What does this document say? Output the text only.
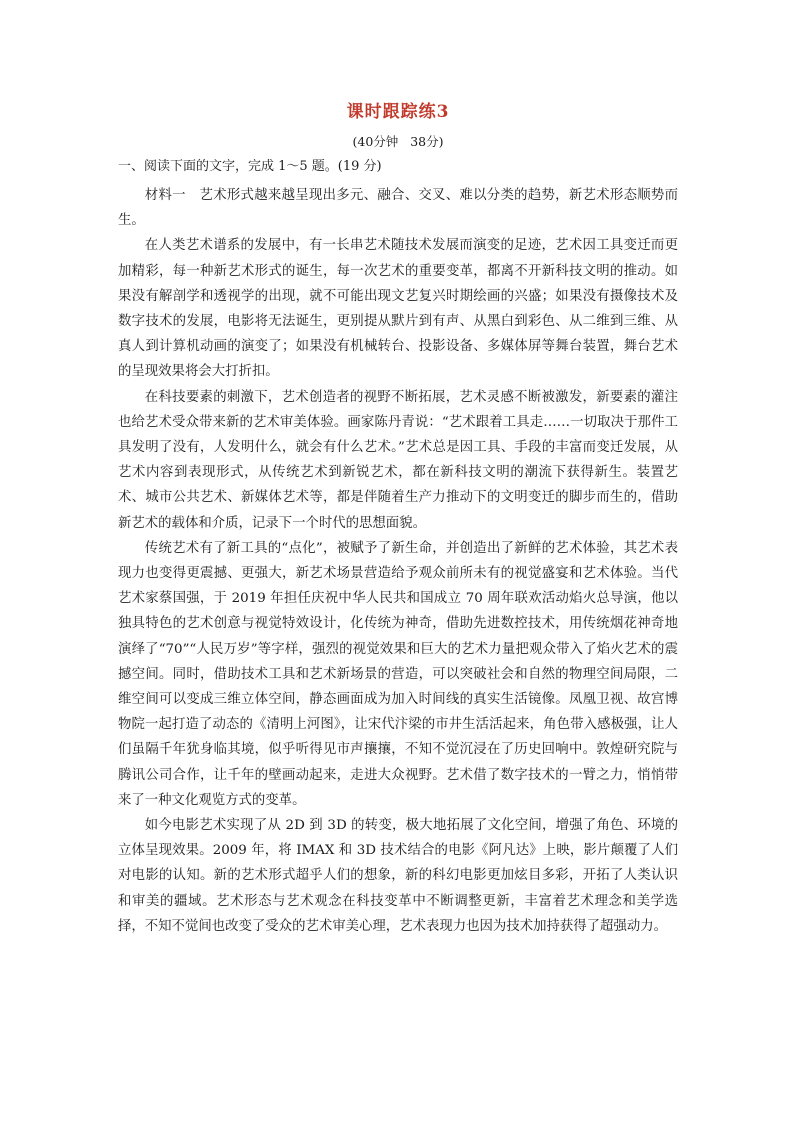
课时跟踪练3
(40分钟   38分)
一、阅读下面的文字，完成 1～5 题。(19 分)

材料一　艺术形式越来越呈现出多元、融合、交叉、难以分类的趋势，新艺术形态顺势而生。

在人类艺术谱系的发展中，有一长串艺术随技术发展而演变的足迹，艺术因工具变迁而更加精彩，每一种新艺术形式的诞生，每一次艺术的重要变革，都离不开新科技文明的推动。如果没有解剖学和透视学的出现，就不可能出现文艺复兴时期绘画的兴盛；如果没有摄像技术及数字技术的发展，电影将无法诞生，更别提从默片到有声、从黑白到彩色、从二维到三维、从真人到计算机动画的演变了；如果没有机械转台、投影设备、多媒体屏等舞台装置，舞台艺术的呈现效果将会大打折扣。

在科技要素的刺激下，艺术创造者的视野不断拓展，艺术灵感不断被激发，新要素的灌注也给艺术受众带来新的艺术审美体验。画家陈丹青说：“艺术跟着工具走……一切取决于那件工具发明了没有，人发明什么，就会有什么艺术。”艺术总是因工具、手段的丰富而变迁发展，从艺术内容到表现形式，从传统艺术到新锐艺术，都在新科技文明的潮流下获得新生。装置艺术、城市公共艺术、新媒体艺术等，都是伴随着生产力推动下的文明变迁的脚步而生的，借助新艺术的载体和介质，记录下一个时代的思想面貌。

传统艺术有了新工具的“点化”，被赋予了新生命，并创造出了新鲜的艺术体验，其艺术表现力也变得更震撼、更强大，新艺术场景营造给予观众前所未有的视觉盛宴和艺术体验。当代艺术家蔡国强，于 2019 年担任庆祝中华人民共和国成立 70 周年联欢活动焰火总导演，他以独具特色的艺术创意与视觉特效设计，化传统为神奇，借助先进数控技术，用传统烟花神奇地演绎了“70”“人民万岁”等字样，强烈的视觉效果和巨大的艺术力量把观众带入了焰火艺术的震撼空间。同时，借助技术工具和艺术新场景的营造，可以突破社会和自然的物理空间局限，二维空间可以变成三维立体空间，静态画面成为加入时间线的真实生活镜像。凤凰卫视、故宫博物院一起打造了动态的《清明上河图》，让宋代汴梁的市井生活活起来，角色带入感极强，让人们虽隔千年犹身临其境，似乎听得见市声攘攘，不知不觉沉浸在了历史回响中。敦煌研究院与腾讯公司合作，让千年的壁画动起来，走进大众视野。艺术借了数字技术的一臂之力，悄悄带来了一种文化观览方式的变革。

如今电影艺术实现了从 2D 到 3D 的转变，极大地拓展了文化空间，增强了角色、环境的立体呈现效果。2009 年，将 IMAX 和 3D 技术结合的电影《阿凡达》上映，影片颠覆了人们对电影的认知。新的艺术形式超乎人们的想象，新的科幻电影更加炫目多彩，开拓了人类认识和审美的疆域。艺术形态与艺术观念在科技变革中不断调整更新，丰富着艺术理念和美学选择，不知不觉间也改变了受众的艺术审美心理，艺术表现力也因为技术加持获得了超强动力。
